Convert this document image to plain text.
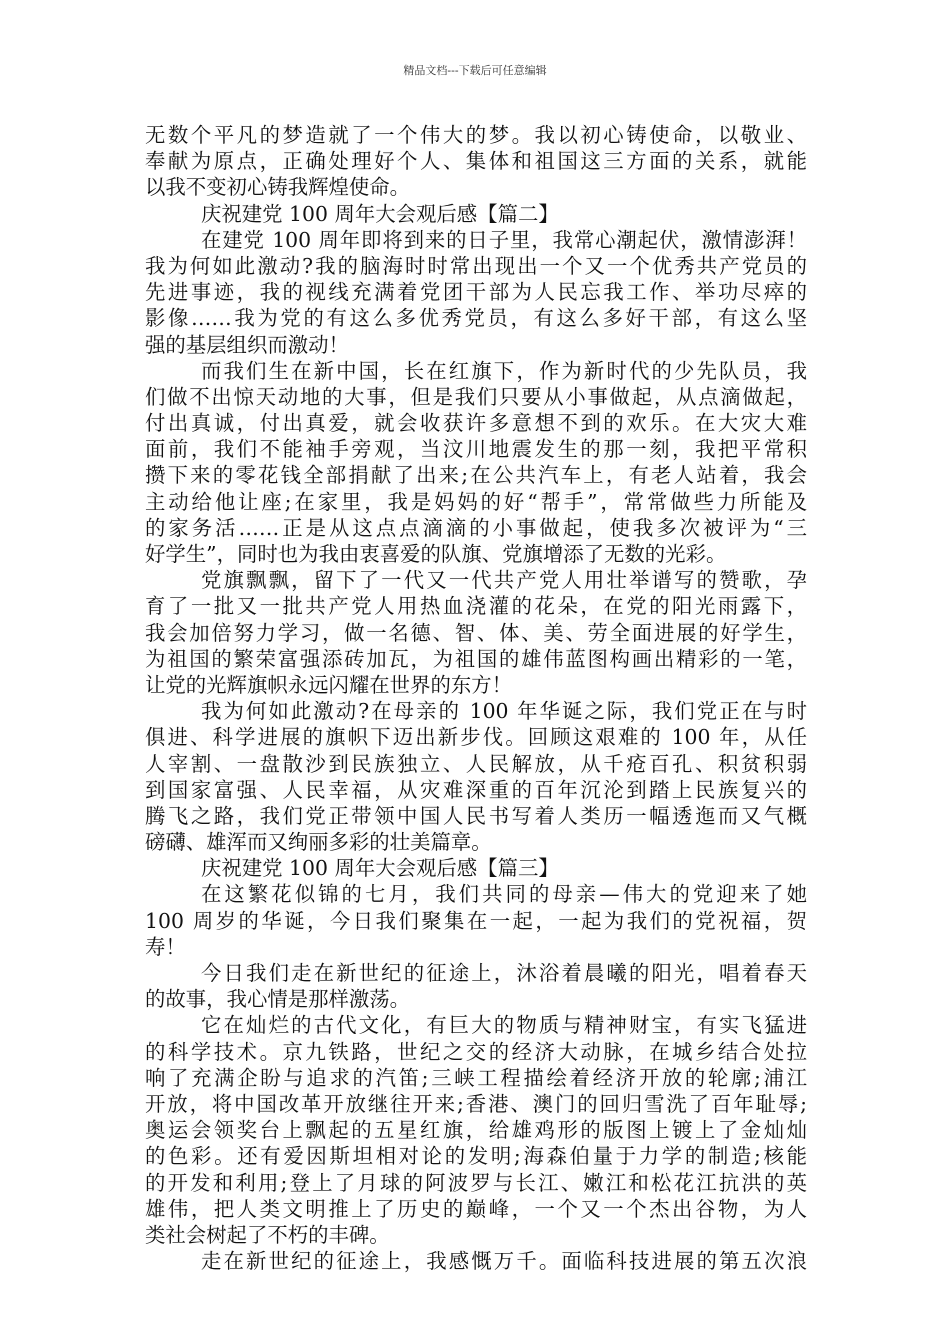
精品文档---下载后可任意编辑
无数个平凡的梦造就了一个伟大的梦。我以初心铸使命，以敬业、
奉献为原点，正确处理好个人、集体和祖国这三方面的关系，就能
以我不变初心铸我辉煌使命。
庆祝建党 100 周年大会观后感【篇二】
在建党 100 周年即将到来的日子里，我常心潮起伏，激情澎湃！
我为何如此激动?我的脑海时时常出现出一个又一个优秀共产党员的
先进事迹，我的视线充满着党团干部为人民忘我工作、举功尽瘁的
影像……我为党的有这么多优秀党员，有这么多好干部，有这么坚
强的基层组织而激动！
而我们生在新中国，长在红旗下，作为新时代的少先队员，我
们做不出惊天动地的大事，但是我们只要从小事做起，从点滴做起，
付出真诚，付出真爱，就会收获许多意想不到的欢乐。在大灾大难
面前，我们不能袖手旁观，当汶川地震发生的那一刻，我把平常积
攒下来的零花钱全部捐献了出来;在公共汽车上，有老人站着，我会
主动给他让座;在家里，我是妈妈的好“帮手”，常常做些力所能及
的家务活……正是从这点点滴滴的小事做起，使我多次被评为“三
好学生”，同时也为我由衷喜爱的队旗、党旗增添了无数的光彩。
党旗飘飘，留下了一代又一代共产党人用壮举谱写的赞歌，孕
育了一批又一批共产党人用热血浇灌的花朵，在党的阳光雨露下，
我会加倍努力学习，做一名德、智、体、美、劳全面进展的好学生，
为祖国的繁荣富强添砖加瓦，为祖国的雄伟蓝图构画出精彩的一笔，
让党的光辉旗帜永远闪耀在世界的东方！
我为何如此激动?在母亲的 100 年华诞之际，我们党正在与时
俱进、科学进展的旗帜下迈出新步伐。回顾这艰难的 100 年，从任
人宰割、一盘散沙到民族独立、人民解放，从千疮百孔、积贫积弱
到国家富强、人民幸福，从灾难深重的百年沉沦到踏上民族复兴的
腾飞之路，我们党正带领中国人民书写着人类历一幅透迤而又气概
磅礴、雄浑而又绚丽多彩的壮美篇章。
庆祝建党 100 周年大会观后感【篇三】
在这繁花似锦的七月，我们共同的母亲—伟大的党迎来了她
100 周岁的华诞，今日我们聚集在一起，一起为我们的党祝福，贺
寿！
今日我们走在新世纪的征途上，沐浴着晨曦的阳光，唱着春天
的故事，我心情是那样激荡。
它在灿烂的古代文化，有巨大的物质与精神财宝，有实飞猛进
的科学技术。京九铁路，世纪之交的经济大动脉，在城乡结合处拉
响了充满企盼与追求的汽笛;三峡工程描绘着经济开放的轮廓;浦江
开放，将中国改革开放继往开来;香港、澳门的回归雪洗了百年耻辱;
奥运会领奖台上飘起的五星红旗，给雄鸡形的版图上镀上了金灿灿
的色彩。还有爱因斯坦相对论的发明;海森伯量于力学的制造;核能
的开发和利用;登上了月球的阿波罗与长江、嫩江和松花江抗洪的英
雄伟，把人类文明推上了历史的巅峰，一个又一个杰出谷物，为人
类社会树起了不朽的丰碑。
走在新世纪的征途上，我感慨万千。面临科技进展的第五次浪
